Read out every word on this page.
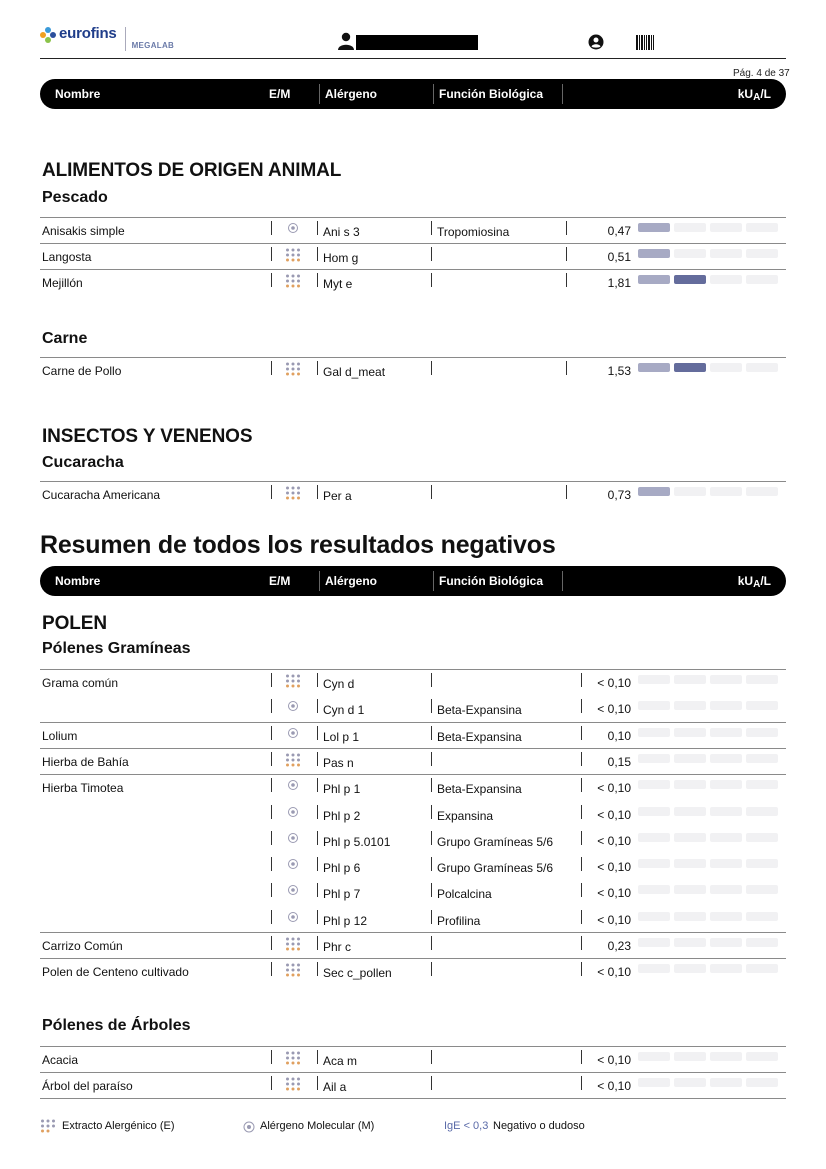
eurofins
MEGALAB
Pág. 4 de 37
Nombre	E/M	Alérgeno	Función Biológica	$kU_A/L$
ALIMENTOS DE ORIGEN ANIMAL
Pescado
Anisakis simple	Ani s 3	Tropomiosina	0,47
Langosta	Hom g	0,51
Mejillón	Myt e	1,81
Carne
Carne de Pollo	Gal d_meat	1,53
INSECTOS Y VENENOS
Cucaracha
Cucaracha Americana	Per a	0,73
Resumen de todos los resultados negativos
Nombre	E/M	Alérgeno	Función Biológica	$kU_A/L$
POLEN
Pólenes Gramíneas
Grama común	Cyn d	< 0,10
Cyn d 1	Beta-Expansina	< 0,10
Lolium	Lol p 1	Beta-Expansina	0,10
Hierba de Bahía	Pas n	0,15
Hierba Timotea	Phl p 1	Beta-Expansina	< 0,10
Phl p 2	Expansina	< 0,10
Phl p 5.0101	Grupo Gramíneas 5/6	< 0,10
Phl p 6	Grupo Gramíneas 5/6	< 0,10
Phl p 7	Polcalcina	< 0,10
Phl p 12	Profilina	< 0,10
Carrizo Común	Phr c	0,23
Polen de Centeno cultivado	Sec c_pollen	< 0,10
Pólenes de Árboles
Acacia	Aca m	< 0,10
Árbol del paraíso	Ail a	< 0,10
Extracto Alergénico (E)	Alérgeno Molecular (M)	IgE < 0,3 Negativo o dudoso
